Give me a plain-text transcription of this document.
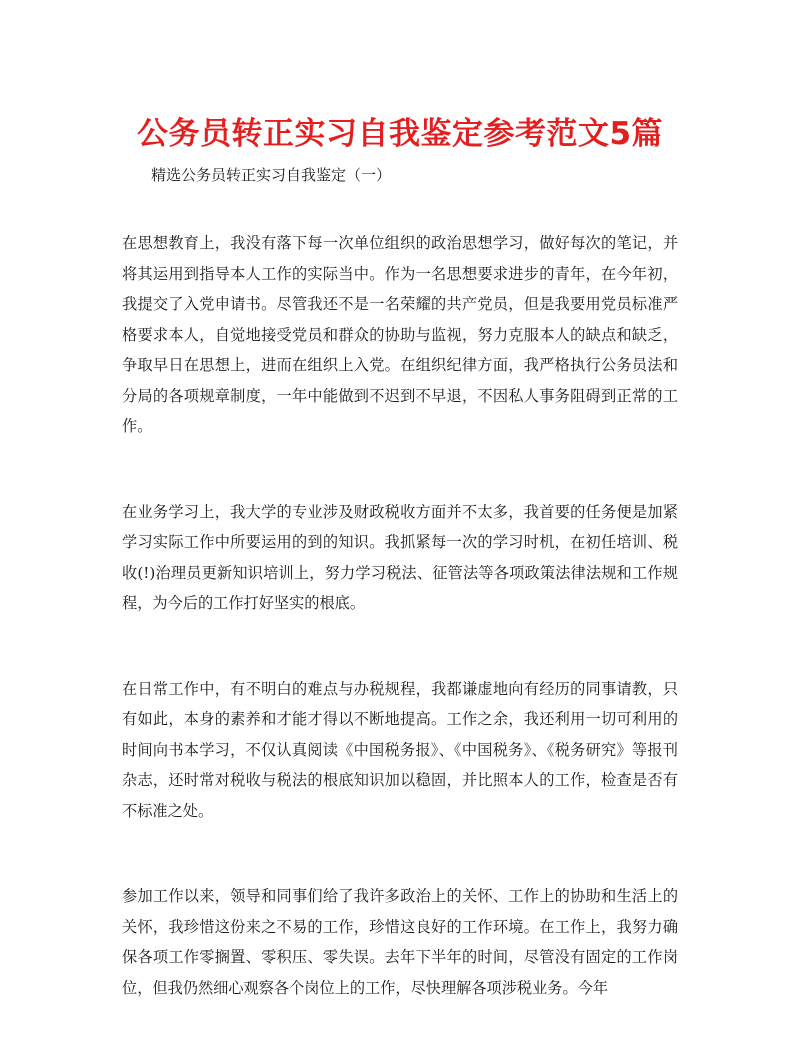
公务员转正实习自我鉴定参考范文5篇

精选公务员转正实习自我鉴定（一）

在思想教育上，我没有落下每一次单位组织的政治思想学习，做好每次的笔记，并将其运用到指导本人工作的实际当中。作为一名思想要求进步的青年，在今年初，我提交了入党申请书。尽管我还不是一名荣耀的共产党员，但是我要用党员标准严格要求本人，自觉地接受党员和群众的协助与监视，努力克服本人的缺点和缺乏，争取早日在思想上，进而在组织上入党。在组织纪律方面，我严格执行公务员法和分局的各项规章制度，一年中能做到不迟到不早退，不因私人事务阻碍到正常的工作。

在业务学习上，我大学的专业涉及财政税收方面并不太多，我首要的任务便是加紧学习实际工作中所要运用的到的知识。我抓紧每一次的学习时机，在初任培训、税收(!)治理员更新知识培训上，努力学习税法、征管法等各项政策法律法规和工作规程，为今后的工作打好坚实的根底。

在日常工作中，有不明白的难点与办税规程，我都谦虚地向有经历的同事请教，只有如此，本身的素养和才能才得以不断地提高。工作之余，我还利用一切可利用的时间向书本学习，不仅认真阅读《中国税务报》、《中国税务》、《税务研究》等报刊杂志，还时常对税收与税法的根底知识加以稳固，并比照本人的工作，检查是否有不标准之处。

参加工作以来，领导和同事们给了我许多政治上的关怀、工作上的协助和生活上的关怀，我珍惜这份来之不易的工作，珍惜这良好的工作环境。在工作上，我努力确保各项工作零搁置、零积压、零失误。去年下半年的时间，尽管没有固定的工作岗位，但我仍然细心观察各个岗位上的工作，尽快理解各项涉税业务。今年
